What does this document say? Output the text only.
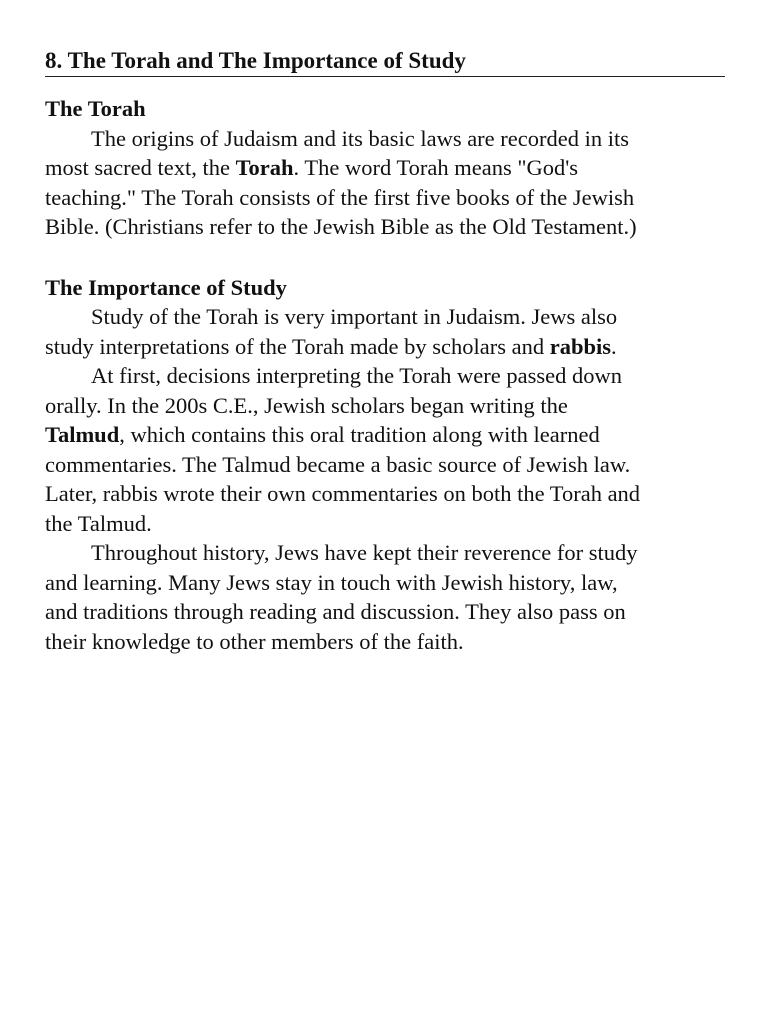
8. The Torah and The Importance of Study
The Torah

The origins of Judaism and its basic laws are recorded in its
most sacred text, the Torah. The word Torah means "God's
teaching." The Torah consists of the first five books of the Jewish
Bible. (Christians refer to the Jewish Bible as the Old Testament.)

The Importance of Study

Study of the Torah is very important in Judaism. Jews also
study interpretations of the Torah made by scholars and rabbis.

At first, decisions interpreting the Torah were passed down
orally. In the 200s C.E., Jewish scholars began writing the
Talmud, which contains this oral tradition along with learned
commentaries. The Talmud became a basic source of Jewish law.
Later, rabbis wrote their own commentaries on both the Torah and
the Talmud.

Throughout history, Jews have kept their reverence for study
and learning. Many Jews stay in touch with Jewish history, law,
and traditions through reading and discussion. They also pass on
their knowledge to other members of the faith.
